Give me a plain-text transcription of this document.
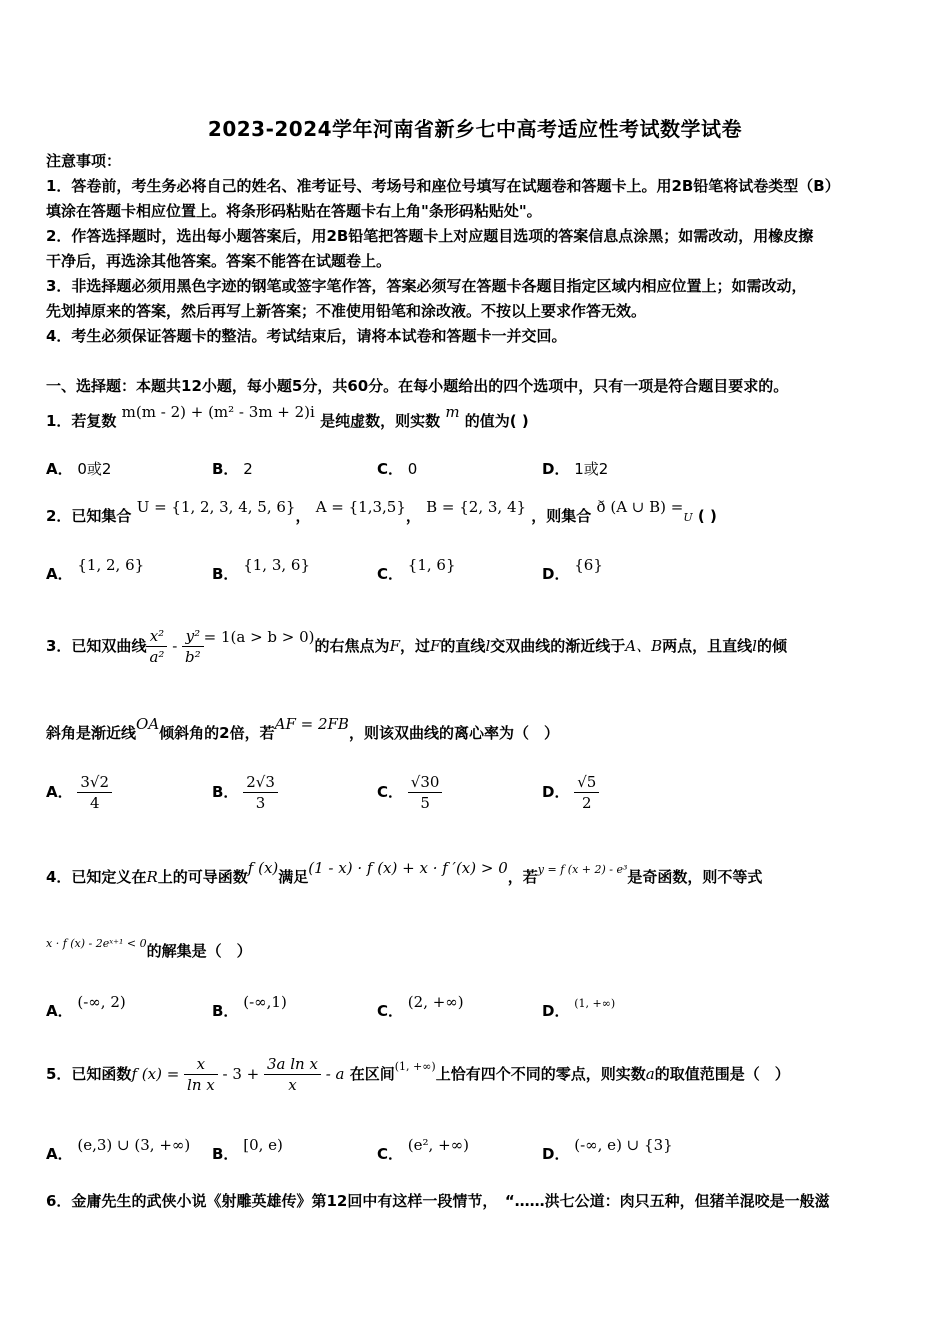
2023-2024学年河南省新乡七中高考适应性考试数学试卷
注意事项：
1．答卷前，考生务必将自己的姓名、准考证号、考场号和座位号填写在试题卷和答题卡上。用2B铅笔将试卷类型（B）
填涂在答题卡相应位置上。将条形码粘贴在答题卡右上角"条形码粘贴处"。
2．作答选择题时，选出每小题答案后，用2B铅笔把答题卡上对应题目选项的答案信息点涂黑；如需改动，用橡皮擦
干净后，再选涂其他答案。答案不能答在试题卷上。
3．非选择题必须用黑色字迹的钢笔或签字笔作答，答案必须写在答题卡各题目指定区域内相应位置上；如需改动，
先划掉原来的答案，然后再写上新答案；不准使用铅笔和涂改液。不按以上要求作答无效。
4．考生必须保证答题卡的整洁。考试结束后，请将本试卷和答题卡一并交回。
一、选择题：本题共12小题，每小题5分，共60分。在每小题给出的四个选项中，只有一项是符合题目要求的。
1．若复数 m(m - 2) + (m² - 3m + 2)i 是纯虚数，则实数 m 的值为( )
A． 0或2	B． 2	C． 0	D． 1或2
2．已知集合 U = {1, 2, 3, 4, 5, 6}， A = {1,3,5}， B = {2, 3, 4} ，则集合 ð (A ∪ B) =U ( )
A． {1, 2, 6}	B． {1, 3, 6}	C． {1, 6}	D． {6}
3．已知双曲线 $\frac{\text{x²}}{\text{a²}} - \frac{\text{y²}}{\text{b²}} = 1(a > b > 0)$的右焦点为F，过F的直线l交双曲线的渐近线于A、B两点，且直线l的倾
斜角是渐近线OA倾斜角的2倍，若AF = 2FB，则该双曲线的离心率为（　）
A． $\frac{3√2}{4}$	B． $\frac{2√3}{3}$	C． $\frac{√30}{5}$	D． $\frac{√5}{2}$
4．已知定义在R上的可导函数f (x)满足(1 - x) · f (x) + x · f ′(x) > 0，若$^{y = f (x + 2) - e^3}$是奇函数，则不等式
$^{x \cdot f (x) - 2eˣ^{+1} < 0}$的解集是（　）
A． (-∞, 2)	B． (-∞,1)	C． (2, +∞)	D． $^{(1, +\infty)}$
5．已知函数f $(x) = \frac{x}{\text{ln x}} - 3 + \frac{\text{3a ln x}}{x} - a$ 在区间$^{(1, +\infty)}$上恰有四个不同的零点，则实数a的取值范围是（　）
A． (e,3) ∪ (3, +∞) B． [0, e)	C． (e², +∞)	D． (-∞, e) ∪ {3}
6．金庸先生的武侠小说《射雕英雄传》第12回中有这样一段情节，　“……洪七公道：肉只五种，但猪羊混咬是一般滋
